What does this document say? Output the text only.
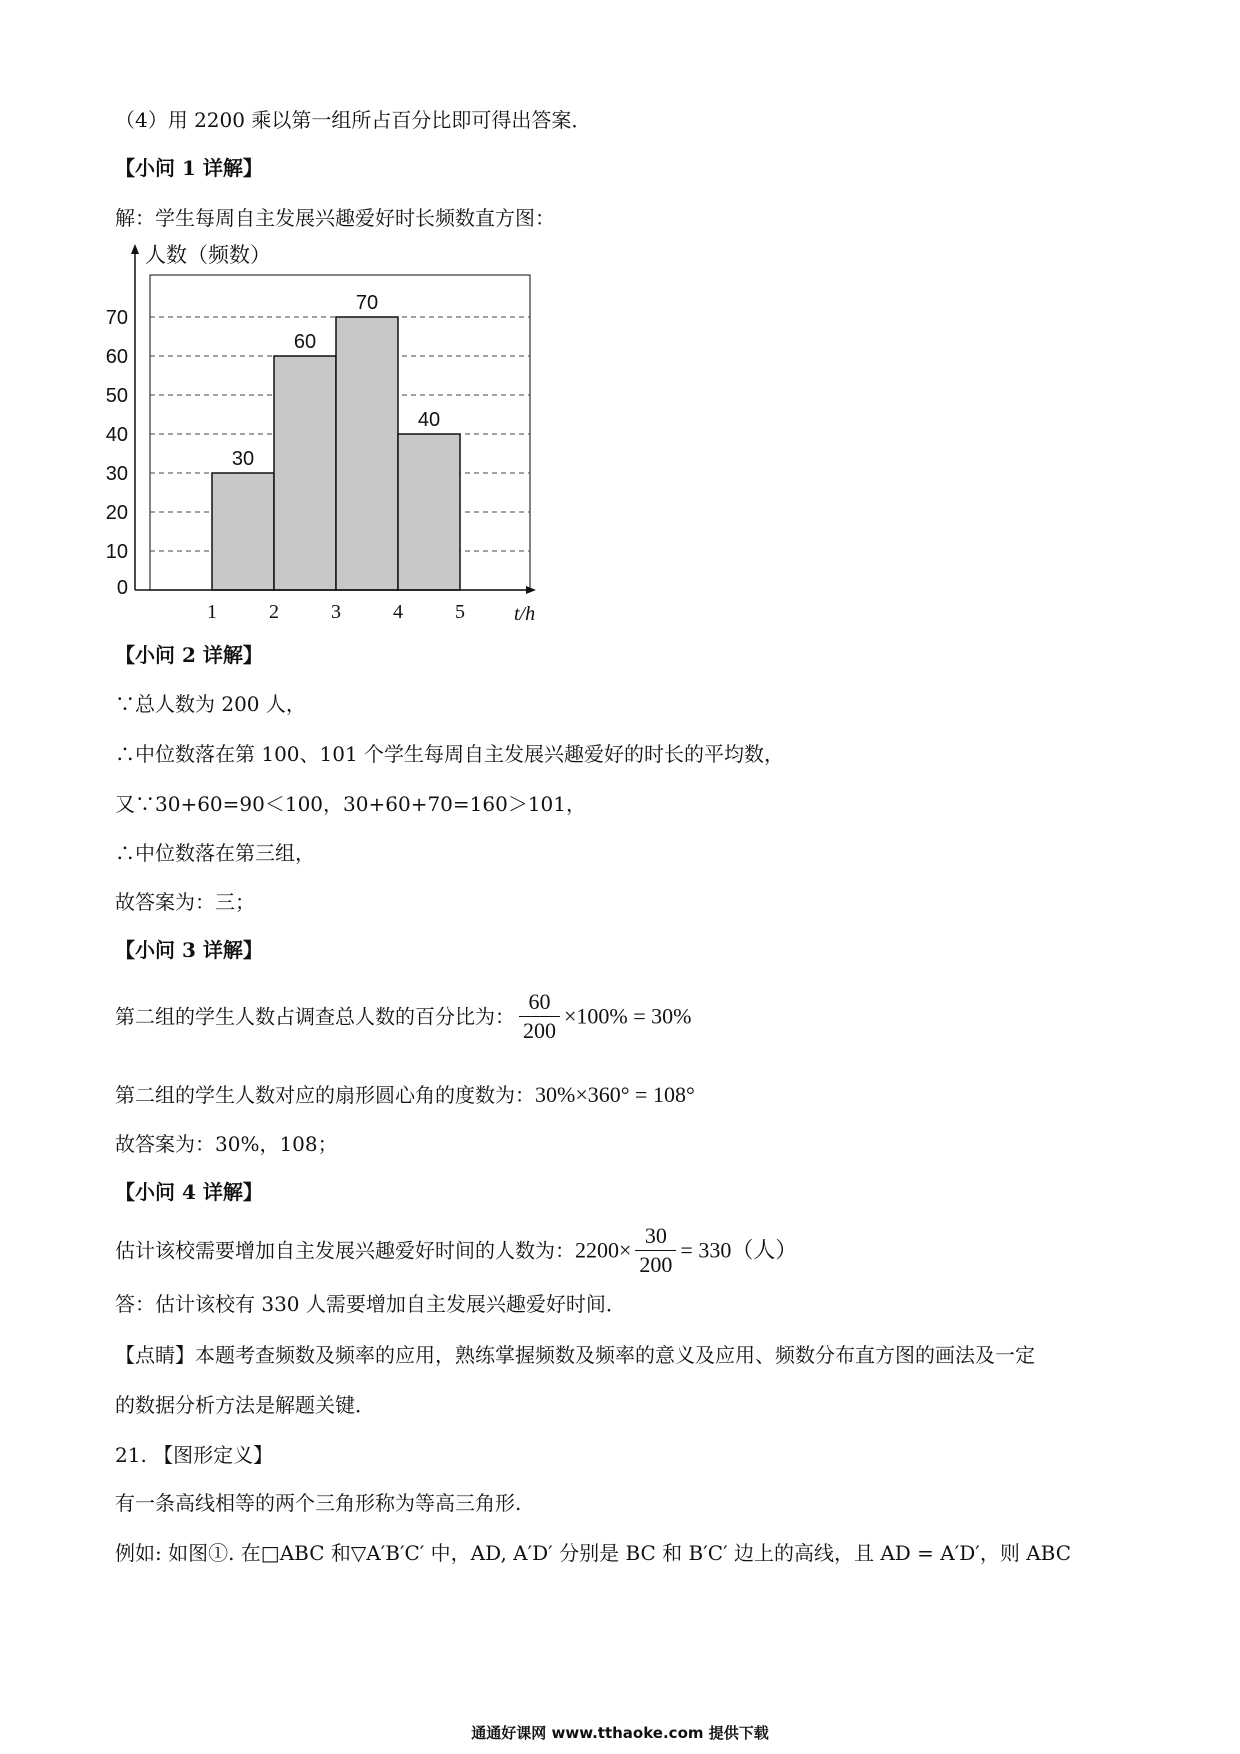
（4）用 2200 乘以第一组所占百分比即可得出答案．
【小问 1 详解】
解：学生每周自主发展兴趣爱好时长频数直方图：
30
60
70
40
0
10
20
30
40
50
60
70
1	2	3	4	5
人数（频数）
t/h
【小问 2 详解】
∵总人数为 200 人，
∴中位数落在第 100、101 个学生每周自主发展兴趣爱好的时长的平均数，
又∵30+60=90＜100，30+60+70=160＞101，
∴中位数落在第三组，
故答案为：三；
【小问 3 详解】
第二组的学生人数占调查总人数的百分比为： $\frac{60}{200} \times 100\% = 30\%$
第二组的学生人数对应的扇形圆心角的度数为：30%×360° = 108°
故答案为：30%，108；
【小问 4 详解】
估计该校需要增加自主发展兴趣爱好时间的人数为：$2200\times \frac{30}{200} = 330$（人）
答：估计该校有 330 人需要增加自主发展兴趣爱好时间．
【点睛】本题考查频数及频率的应用，熟练掌握频数及频率的意义及应用、频数分布直方图的画法及一定
的数据分析方法是解题关键．
21. 【图形定义】
有一条高线相等的两个三角形称为等高三角形.
例如: 如图①. 在□ABC 和▽A′B′C′ 中，AD, A′D′ 分别是 BC 和 B′C′ 边上的高线，且 AD = A′D′，则 ABC
通通好课网 www.tthaoke.com 提供下载
